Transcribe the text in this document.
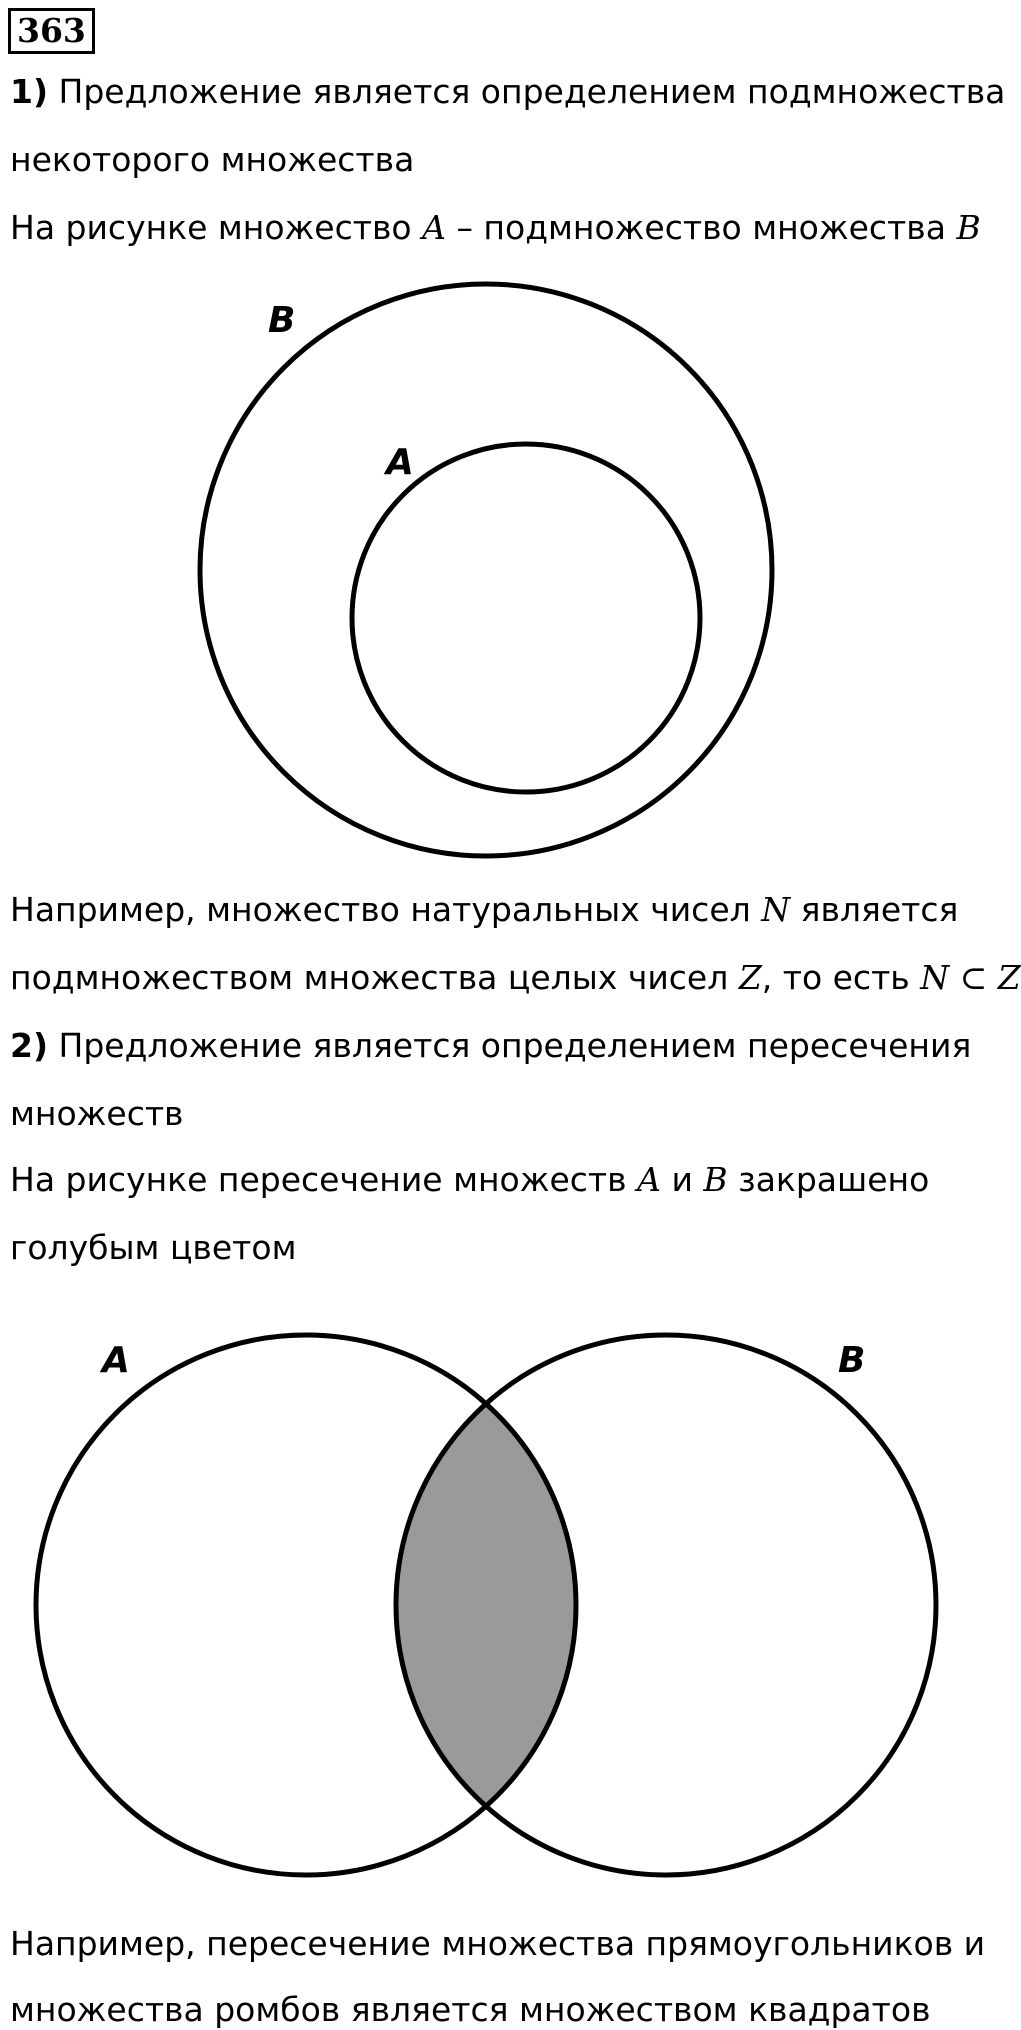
363
1) Предложение является определением подмножества
некоторого множества
На рисунке множество A – подмножество множества B
B
A
Например, множество натуральных чисел N является
подмножеством множества целых чисел Z, то есть N ⊂ Z
2) Предложение является определением пересечения
множеств
На рисунке пересечение множеств A и B закрашено
голубым цветом
A	B
Например, пересечение множества прямоугольников и
множества ромбов является множеством квадратов
